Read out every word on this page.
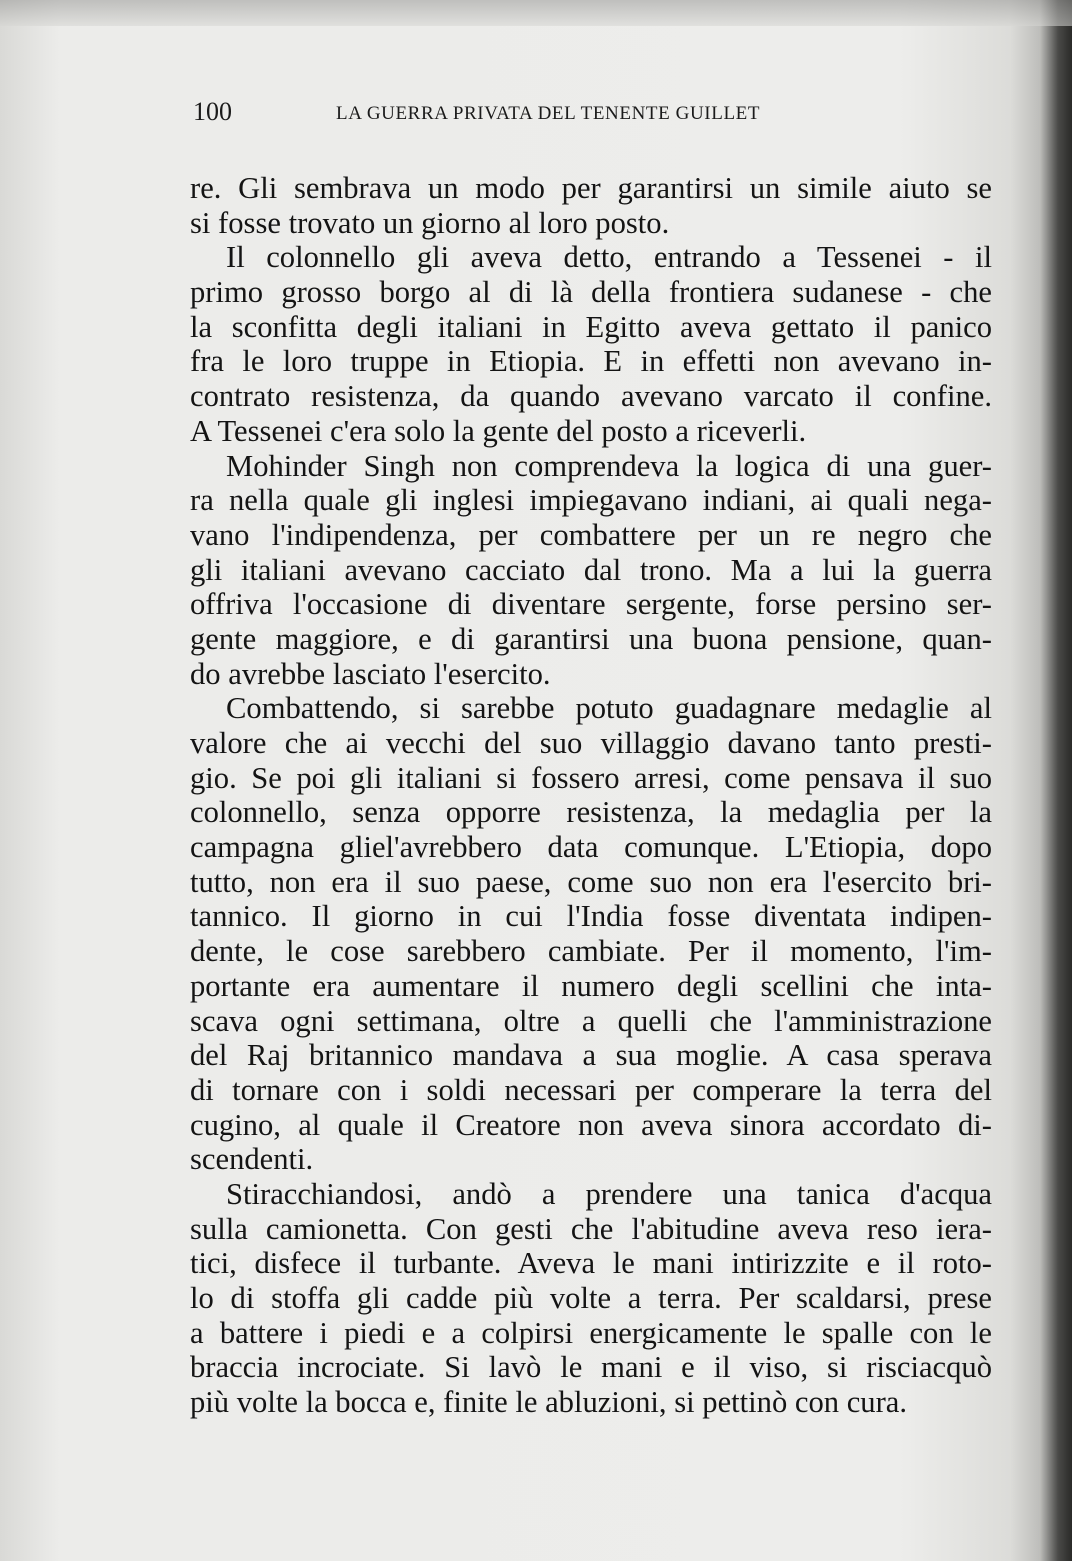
100	LA GUERRA PRIVATA DEL TENENTE GUILLET
re. Gli sembrava un modo per garantirsi un simile aiuto se
si fosse trovato un giorno al loro posto.
Il colonnello gli aveva detto, entrando a Tessenei - il
primo grosso borgo al di là della frontiera sudanese - che
la sconfitta degli italiani in Egitto aveva gettato il panico
fra le loro truppe in Etiopia. E in effetti non avevano in-
contrato resistenza, da quando avevano varcato il confine.
A Tessenei c'era solo la gente del posto a riceverli.
Mohinder Singh non comprendeva la logica di una guer-
ra nella quale gli inglesi impiegavano indiani, ai quali nega-
vano l'indipendenza, per combattere per un re negro che
gli italiani avevano cacciato dal trono. Ma a lui la guerra
offriva l'occasione di diventare sergente, forse persino ser-
gente maggiore, e di garantirsi una buona pensione, quan-
do avrebbe lasciato l'esercito.
Combattendo, si sarebbe potuto guadagnare medaglie al
valore che ai vecchi del suo villaggio davano tanto presti-
gio. Se poi gli italiani si fossero arresi, come pensava il suo
colonnello, senza opporre resistenza, la medaglia per la
campagna gliel'avrebbero data comunque. L'Etiopia, dopo
tutto, non era il suo paese, come suo non era l'esercito bri-
tannico. Il giorno in cui l'India fosse diventata indipen-
dente, le cose sarebbero cambiate. Per il momento, l'im-
portante era aumentare il numero degli scellini che inta-
scava ogni settimana, oltre a quelli che l'amministrazione
del Raj britannico mandava a sua moglie. A casa sperava
di tornare con i soldi necessari per comperare la terra del
cugino, al quale il Creatore non aveva sinora accordato di-
scendenti.
Stiracchiandosi, andò a prendere una tanica d'acqua
sulla camionetta. Con gesti che l'abitudine aveva reso iera-
tici, disfece il turbante. Aveva le mani intirizzite e il roto-
lo di stoffa gli cadde più volte a terra. Per scaldarsi, prese
a battere i piedi e a colpirsi energicamente le spalle con le
braccia incrociate. Si lavò le mani e il viso, si risciacquò
più volte la bocca e, finite le abluzioni, si pettinò con cura.
